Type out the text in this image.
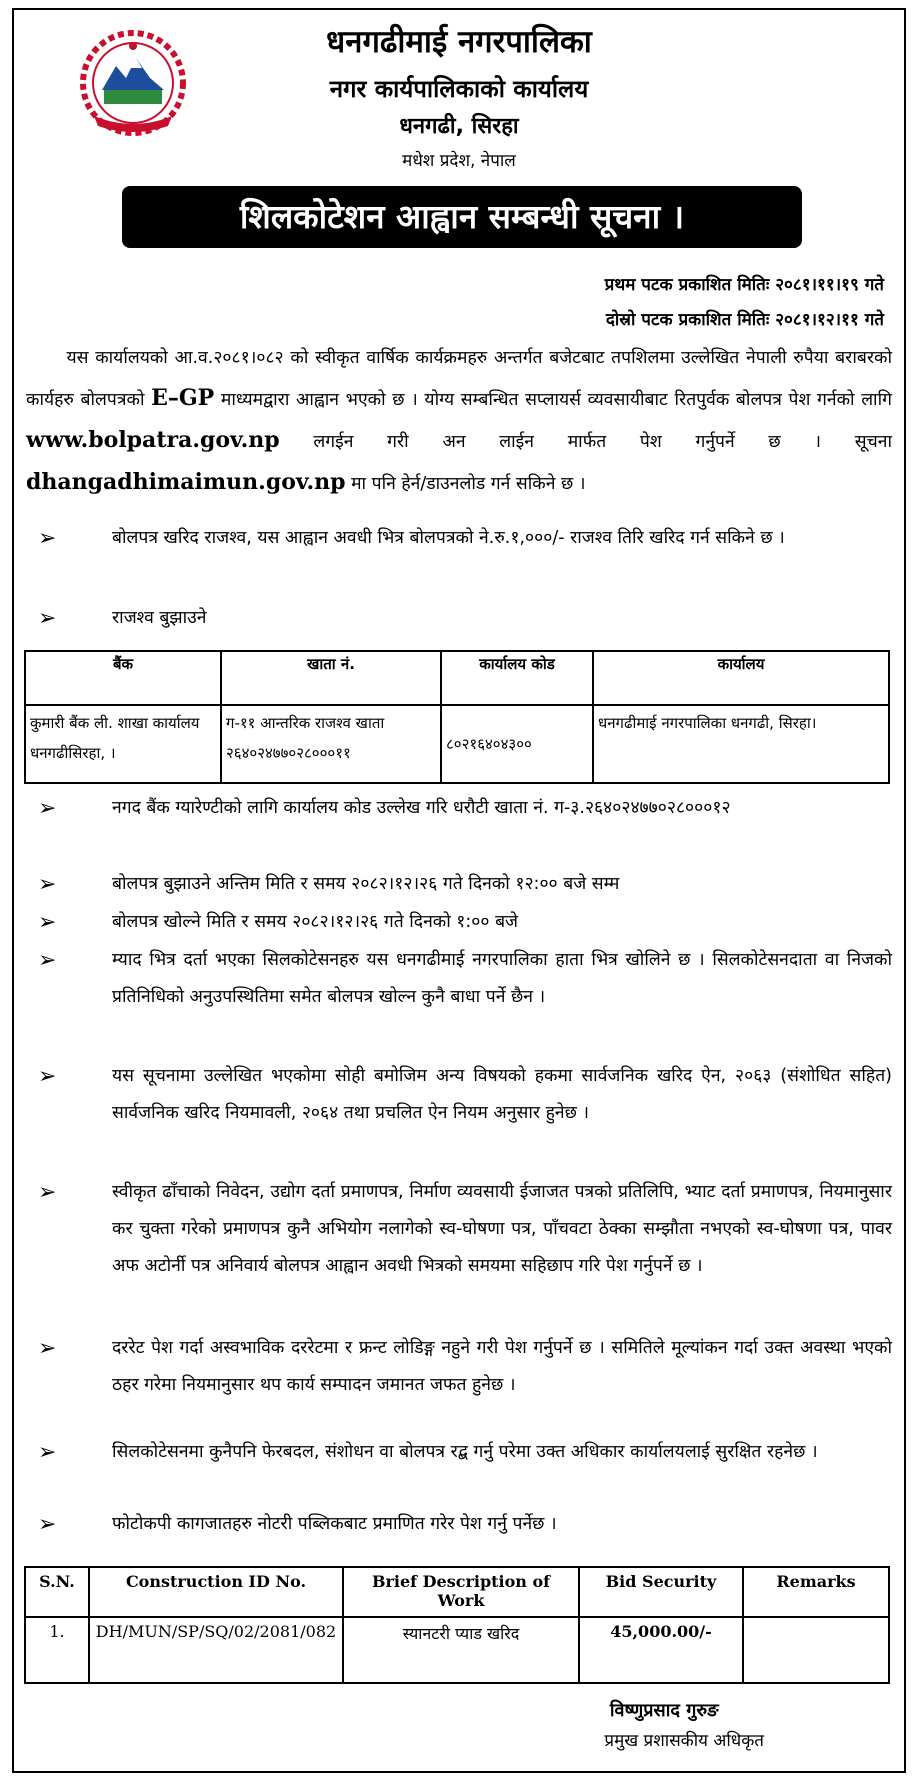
धनगढीमाई नगरपालिका
नगर कार्यपालिकाको कार्यालय
धनगढी, सिरहा
मधेश प्रदेश, नेपाल
शिलकोटेशन आह्वान सम्बन्धी सूचना ।
प्रथम पटक प्रकाशित मितिः २०८१।११।१९ गते
दोस्रो पटक प्रकाशित मितिः २०८१।१२।११ गते
यस कार्यालयको आ.व.२०८१।०८२ को स्वीकृत वार्षिक कार्यक्रमहरु अन्तर्गत बजेटबाट तपशिलमा उल्लेखित नेपाली रुपैया बराबरको कार्यहरु बोलपत्रको E–GP माध्यमद्वारा आह्वान भएको छ । योग्य सम्बन्धित सप्लायर्स व्यवसायीबाट रितपुर्वक बोलपत्र पेश गर्नको लागि www.bolpatra.gov.np लगईन गरी अन लाईन मार्फत पेश गर्नुपर्ने छ । सूचना dhangadhimaimun.gov.np मा पनि हेर्न/डाउनलोड गर्न सकिने छ ।
➢	बोलपत्र खरिद राजश्व, यस आह्वान अवधी भित्र बोलपत्रको ने.रु.१,०००/- राजश्व तिरि खरिद गर्न सकिने छ ।
➢	राजश्व बुझाउने
बैंक	खाता नं.	कार्यालय कोड	कार्यालय
कुमारी बैंक ली. शाखा कार्यालय धनगढीसिरहा, ।	ग-११ आन्तरिक राजश्व खाता २६४०२४७७०२८०००११	८०२१६४०४३००	धनगढीमाई नगरपालिका धनगढी, सिरहा।
➢	नगद बैंक ग्यारेण्टीको लागि कार्यालय कोड उल्लेख गरि धरौटी खाता नं. ग-३.२६४०२४७७०२८०००१२
➢	बोलपत्र बुझाउने अन्तिम मिति र समय २०८२।१२।२६ गते दिनको १२:०० बजे सम्म
➢	बोलपत्र खोल्ने मिति र समय २०८२।१२।२६ गते दिनको १:०० बजे
➢	म्याद भित्र दर्ता भएका सिलकोटेसनहरु यस धनगढीमाई नगरपालिका हाता भित्र खोलिने छ । सिलकोटेसनदाता वा निजको प्रतिनिधिको अनुउपस्थितिमा समेत बोलपत्र खोल्न कुनै बाधा पर्ने छैन ।
➢	यस सूचनामा उल्लेखित भएकोमा सोही बमोजिम अन्य विषयको हकमा सार्वजनिक खरिद ऐन, २०६३ (संशोधित सहित) सार्वजनिक खरिद नियमावली, २०६४ तथा प्रचलित ऐन नियम अनुसार हुनेछ ।
➢	स्वीकृत ढाँचाको निवेदन, उद्योग दर्ता प्रमाणपत्र, निर्माण व्यवसायी ईजाजत पत्रको प्रतिलिपि, भ्याट दर्ता प्रमाणपत्र, नियमानुसार कर चुक्ता गरेको प्रमाणपत्र कुनै अभियोग नलागेको स्व-घोषणा पत्र, पाँचवटा ठेक्का सम्झौता नभएको स्व-घोषणा पत्र, पावर अफ अटोर्नी पत्र अनिवार्य बोलपत्र आह्वान अवधी भित्रको समयमा सहिछाप गरि पेश गर्नुपर्ने छ ।
➢	दररेट पेश गर्दा अस्वभाविक दररेटमा र फ्रन्ट लोडिङ्ग नहुने गरी पेश गर्नुपर्ने छ । समितिले मूल्यांकन गर्दा उक्त अवस्था भएको ठहर गरेमा नियमानुसार थप कार्य सम्पादन जमानत जफत हुनेछ ।
➢	सिलकोटेसनमा कुनैपनि फेरबदल, संशोधन वा बोलपत्र रद्ब गर्नु परेमा उक्त अधिकार कार्यालयलाई सुरक्षित रहनेछ ।
➢	फोटोकपी कागजातहरु नोटरी पब्लिकबाट प्रमाणित गरेर पेश गर्नु पर्नेछ ।
S.N.	Construction ID No.	Brief Description of Work	Bid Security	Remarks
1.	DH/MUN/SP/SQ/02/2081/082	स्यानटरी प्याड खरिद	45,000.00/-	
विष्णुप्रसाद गुरुङ
प्रमुख प्रशासकीय अधिकृत
